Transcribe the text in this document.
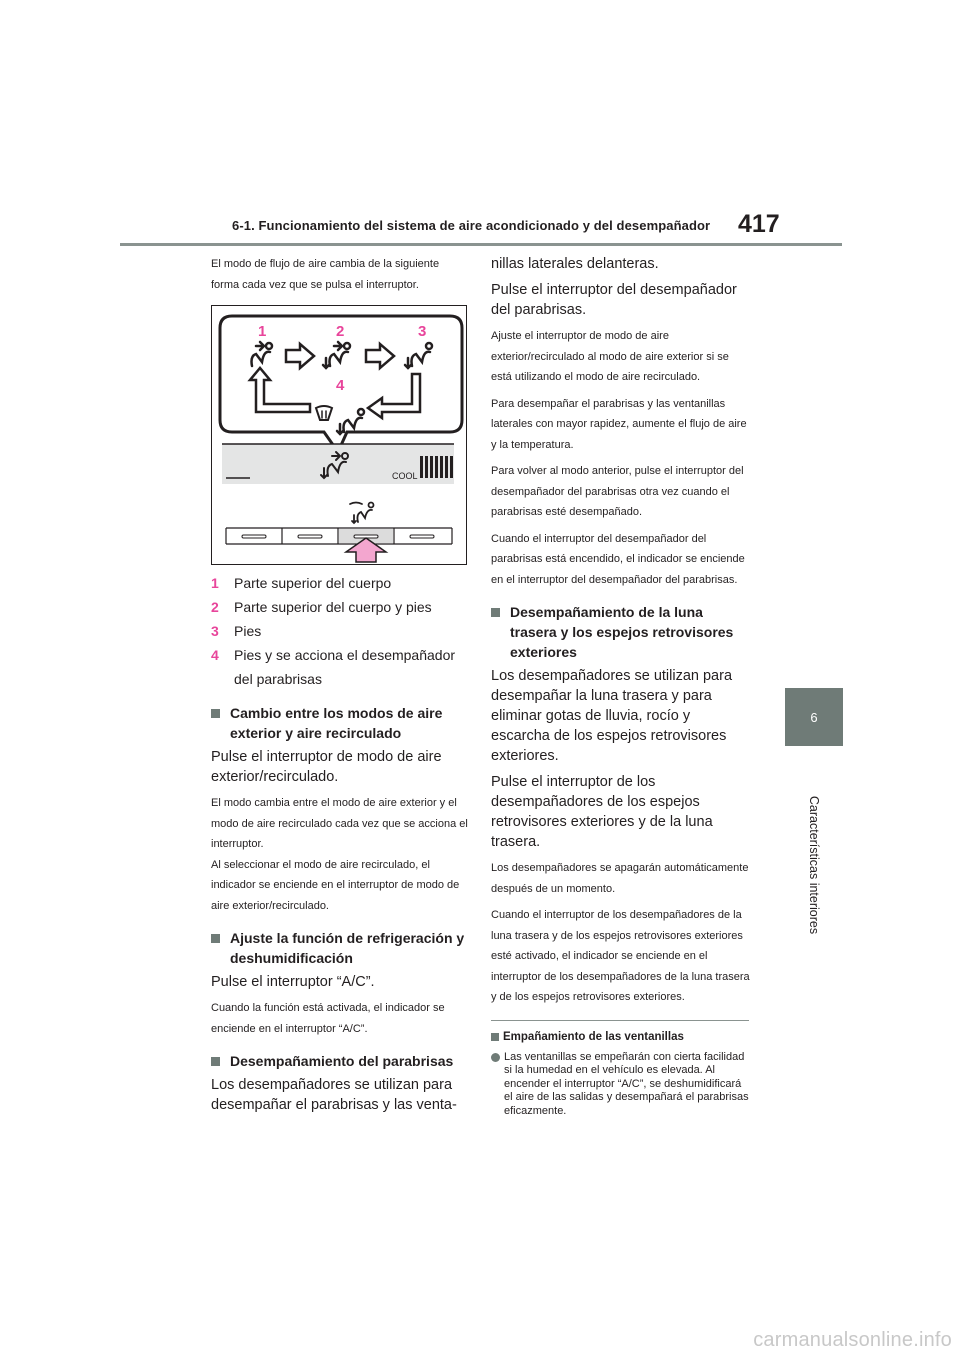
6-1. Funcionamiento del sistema de aire acondicionado y del desempañador 417
6
Características interiores

El modo de flujo de aire cambia de la siguiente forma cada vez que se pulsa el interruptor.

1	2	3
4
COOL

1 Parte superior del cuerpo

2 Parte superior del cuerpo y pies

3 Pies

4 Pies y se acciona el desempañador del parabrisas

Cambio entre los modos de aire exterior y aire recirculado

Pulse el interruptor de modo de aire exterior/recirculado.

El modo cambia entre el modo de aire exterior y el modo de aire recirculado cada vez que se acciona el interruptor.

Al seleccionar el modo de aire recirculado, el indicador se enciende en el interruptor de modo de aire exterior/recirculado.

Ajuste la función de refrigeración y deshumidificación

Pulse el interruptor “A/C”.

Cuando la función está activada, el indicador se enciende en el interruptor “A/C”.

Desempañamiento del parabrisas

Los desempañadores se utilizan para desempañar el parabrisas y las venta-

nillas laterales delanteras.

Pulse el interruptor del desempañador del parabrisas.

Ajuste el interruptor de modo de aire exterior/recirculado al modo de aire exterior si se está utilizando el modo de aire recirculado.

Para desempañar el parabrisas y las ventanillas laterales con mayor rapidez, aumente el flujo de aire y la temperatura.

Para volver al modo anterior, pulse el interruptor del desempañador del parabrisas otra vez cuando el parabrisas esté desempañado.

Cuando el interruptor del desempañador del parabrisas está encendido, el indicador se enciende en el interruptor del desempañador del parabrisas.

Desempañamiento de la luna trasera y los espejos retrovisores exteriores

Los desempañadores se utilizan para desempañar la luna trasera y para eliminar gotas de lluvia, rocío y escarcha de los espejos retrovisores exteriores.

Pulse el interruptor de los desempañadores de los espejos retrovisores exteriores y de la luna trasera.

Los desempañadores se apagarán automáticamente después de un momento.

Cuando el interruptor de los desempañadores de la luna trasera y de los espejos retrovisores exteriores esté activado, el indicador se enciende en el interruptor de los desempañadores de la luna trasera y de los espejos retrovisores exteriores.

Empañamiento de las ventanillas

Las ventanillas se empeñarán con cierta facilidad si la humedad en el vehículo es elevada. Al encender el interruptor “A/C”, se deshumidificará el aire de las salidas y desempañará el parabrisas eficazmente.

carmanualsonline.info
